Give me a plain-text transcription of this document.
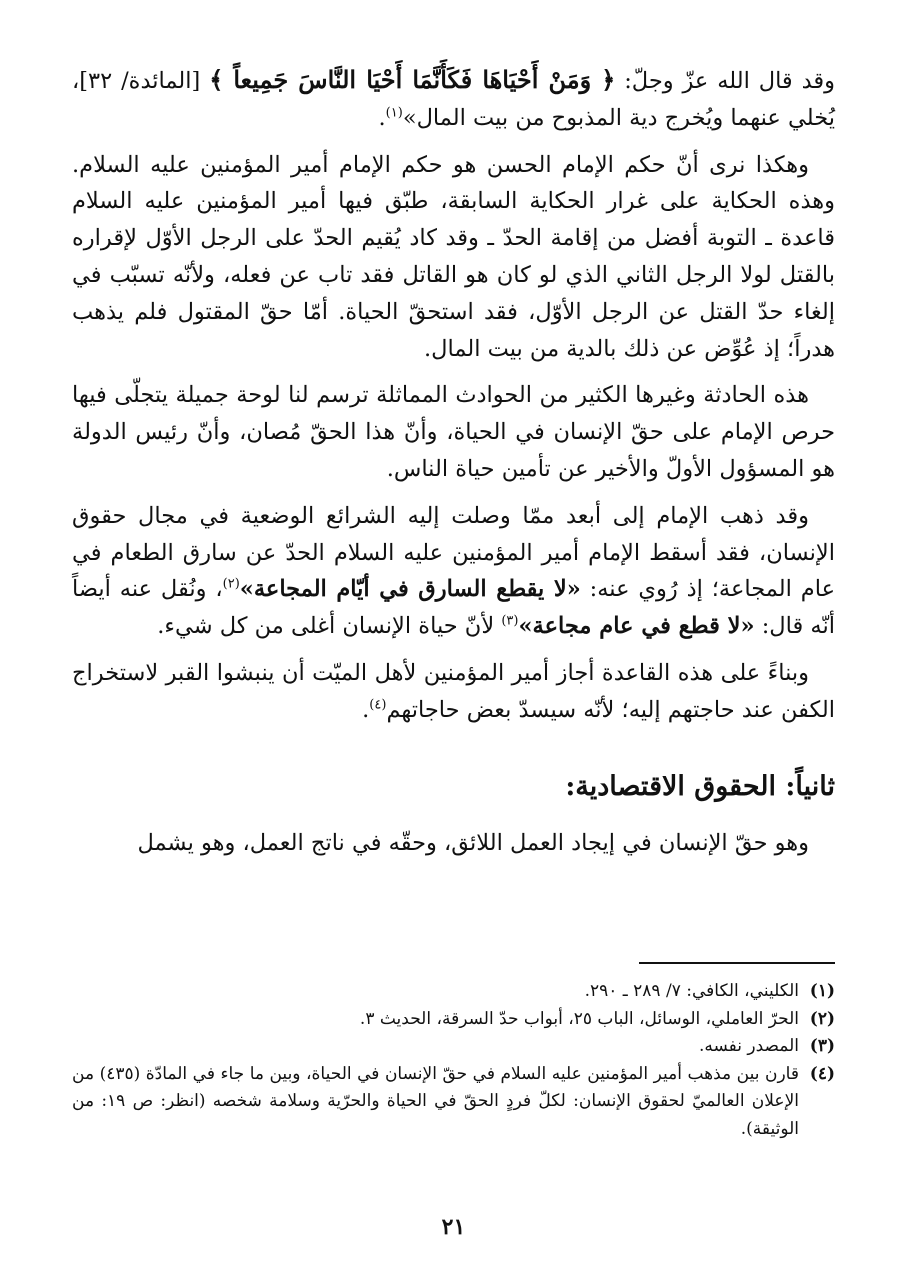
وقد قال الله عزّ وجلّ: ﴿ وَمَنْ أَحْيَاهَا فَكَأَنَّمَا أَحْيَا النَّاسَ جَمِيعاً ﴾ [المائدة/ ٣٢]، يُخلي عنهما ويُخرج دية المذبوح من بيت المال»$^{(١)}$.

وهكذا نرى أنّ حكم الإمام الحسن هو حكم الإمام أمير المؤمنين عليه السلام. وهذه الحكاية على غرار الحكاية السابقة، طبّق فيها أمير المؤمنين عليه السلام قاعدة ـ التوبة أفضل من إقامة الحدّ ـ وقد كاد يُقيم الحدّ على الرجل الأوّل لإقراره بالقتل لولا الرجل الثاني الذي لو كان هو القاتل فقد تاب عن فعله، ولأنّه تسبّب في إلغاء حدّ القتل عن الرجل الأوّل، فقد استحقّ الحياة. أمّا حقّ المقتول فلم يذهب هدراً؛ إذ عُوِّض عن ذلك بالدية من بيت المال.

هذه الحادثة وغيرها الكثير من الحوادث المماثلة ترسم لنا لوحة جميلة يتجلّى فيها حرص الإمام على حقّ الإنسان في الحياة، وأنّ هذا الحقّ مُصان، وأنّ رئيس الدولة هو المسؤول الأولّ والأخير عن تأمين حياة الناس.

وقد ذهب الإمام إلى أبعد ممّا وصلت إليه الشرائع الوضعية في مجال حقوق الإنسان، فقد أسقط الإمام أمير المؤمنين عليه السلام الحدّ عن سارق الطعام في عام المجاعة؛ إذ رُوي عنه: «لا يقطع السارق في أيّام المجاعة»$^{(٢)}$، ونُقل عنه أيضاً أنّه قال: «لا قطع في عام مجاعة»$^{(٣)}$ لأنّ حياة الإنسان أغلى من كل شيء.

وبناءً على هذه القاعدة أجاز أمير المؤمنين لأهل الميّت أن ينبشوا القبر لاستخراج الكفن عند حاجتهم إليه؛ لأنّه سيسدّ بعض حاجاتهم$^{(٤)}$.

ثانياً: الحقوق الاقتصادية:

وهو حقّ الإنسان في إيجاد العمل اللائق، وحقّه في ناتج العمل، وهو يشمل

(١)
الكليني، الكافي: ٧/ ٢٨٩ ـ ٢٩٠.
(٢)
الحرّ العاملي، الوسائل، الباب ٢٥، أبواب حدّ السرقة، الحديث ٣.
(٣)
المصدر نفسه.
(٤)
قارن بين مذهب أمير المؤمنين عليه السلام في حقّ الإنسان في الحياة، وبين ما جاء في المادّة (٤٣٥) من الإعلان العالميّ لحقوق الإنسان: لكلّ فردٍ الحقّ في الحياة والحرّية وسلامة شخصه (انظر: ص ١٩: من الوثيقة).
٢١
